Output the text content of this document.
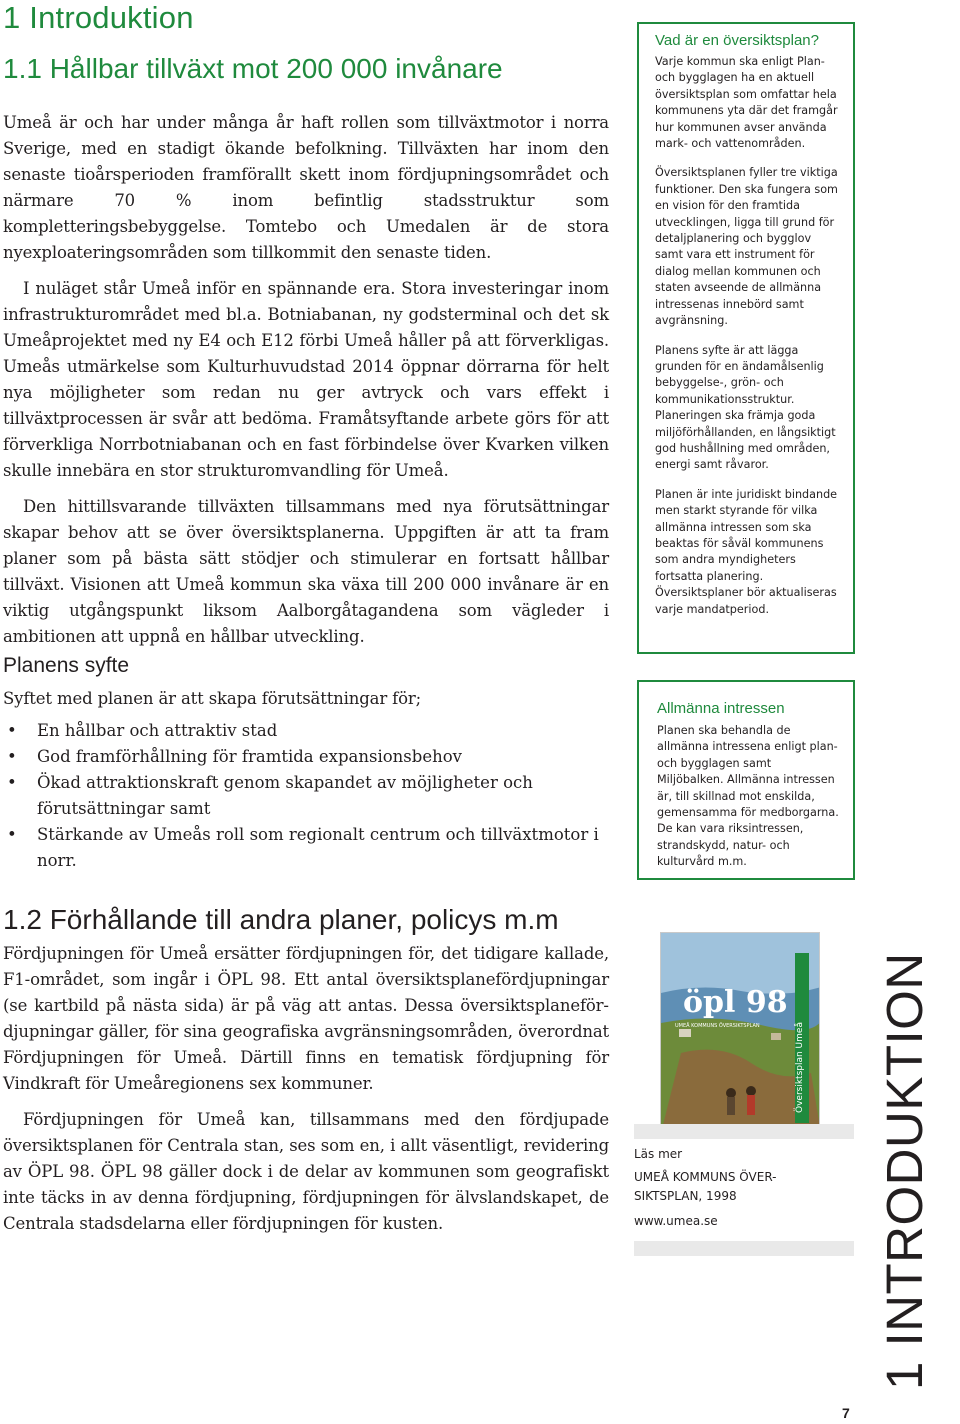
1 Introduktion
1.1 Hållbar tillväxt mot 200 000 invånare

Umeå är och har under många år haft rollen som tillväxtmotor i norra Sverige, med en stadigt ökande befolkning. Tillväxten har inom den senaste tioårsperioden framförallt skett inom fördjupningsområdet och närmare 70 % inom befintlig stadsstruktur som kompletteringsbebyggelse. Tomtebo och Umedalen är de stora nyexploateringsområden som tillkommit den senaste tiden.

I nuläget står Umeå inför en spännande era. Stora investeringar inom infrastrukturområdet med bl.a. Botniabanan, ny godsterminal och det sk Umeåprojektet med ny E4 och E12 förbi Umeå håller på att förverkligas. Umeås utmärkelse som Kulturhuvudstad 2014 öppnar dörrarna för helt nya möjligheter som redan nu ger avtryck och vars effekt i tillväxtprocessen är svår att bedöma. Framåtsyftande arbete görs för att förverkliga Norrbotniabanan och en fast förbindelse över Kvarken vilken skulle innebära en stor strukturomvandling för Umeå.

Den hittillsvarande tillväxten tillsammans med nya förutsättningar skapar behov att se över översiktsplanerna. Uppgiften är att ta fram planer som på bästa sätt stödjer och stimulerar en fortsatt hållbar tillväxt. Visionen att Umeå kommun ska växa till 200 000 invånare är en viktig utgångspunkt liksom Aalborgåtagandena som vägleder i ambitionen att uppnå en hållbar utveckling.

Planens syfte

Syftet med planen är att skapa förutsättningar för;

• En hållbar och attraktiv stad
• God framförhållning för framtida expansionsbehov
• Ökad attraktionskraft genom skapandet av möjligheter och förutsättningar samt
• Stärkande av Umeås roll som regionalt centrum och tillväxtmotor i norr.
1.2 Förhållande till andra planer, policys m.m

Fördjupningen för Umeå ersätter fördjupningen för, det tidigare kallade, F1-området, som ingår i ÖPL 98. Ett antal översiktsplanefördjupningar (se kartbild på nästa sida) är på väg att antas. Dessa översiktsplanefördjupningar gäller, för sina geografiska avgränsningsområden, överordnat Fördjupningen för Umeå. Därtill finns en tematisk fördjupning för Vindkraft för Umeåregionens sex kommuner.

Fördjupningen för Umeå kan, tillsammans med den fördjupade översiktsplanen för Centrala stan, ses som en, i allt väsentligt, revidering av ÖPL 98. ÖPL 98 gäller dock i de delar av kommunen som geografiskt inte täcks in av denna fördjupning, fördjupningen för älvslandskapet, de Centrala stadsdelarna eller fördjupningen för kusten.

Vad är en översiktsplan?

Varje kommun ska enligt Plan- och bygglagen ha en aktuell översiktsplan som omfattar hela kommunens yta där det framgår hur kommunen avser använda mark- och vattenområden.

Översiktsplanen fyller tre viktiga funktioner. Den ska fungera som en vision för den framtida utvecklingen, ligga till grund för detaljplanering och bygglov samt vara ett instrument för dialog mellan kommunen och staten avseende de allmänna intressenas innebörd samt avgränsning.

Planens syfte är att lägga grunden för en ändamålsenlig bebyggelse-, grön- och kommunikationsstruktur. Planeringen ska främja goda miljöförhållanden, en långsiktigt god hushållning med områden, energi samt råvaror.

Planen är inte juridiskt bindande men starkt styrande för vilka allmänna intressen som ska beaktas för såväl kommunens som andra myndigheters fortsatta planering. Översiktsplaner bör aktualiseras varje mandatperiod.

Allmänna intressen

Planen ska behandla de allmänna intressena enligt plan- och bygglagen samt Miljöbalken. Allmänna intressen är, till skillnad mot enskilda, gemensamma för medborgarna. De kan vara riksintressen, strandskydd, natur- och kulturvård m.m.

öpl 98
Översiktsplan Umeå
UMEÅ KOMMUNS ÖVERSIKTSPLAN
Läs mer
UMEÅ KOMMUNS ÖVER-
SIKTSPLAN, 1998
www.umea.se	1 INTRODUKTION
7
